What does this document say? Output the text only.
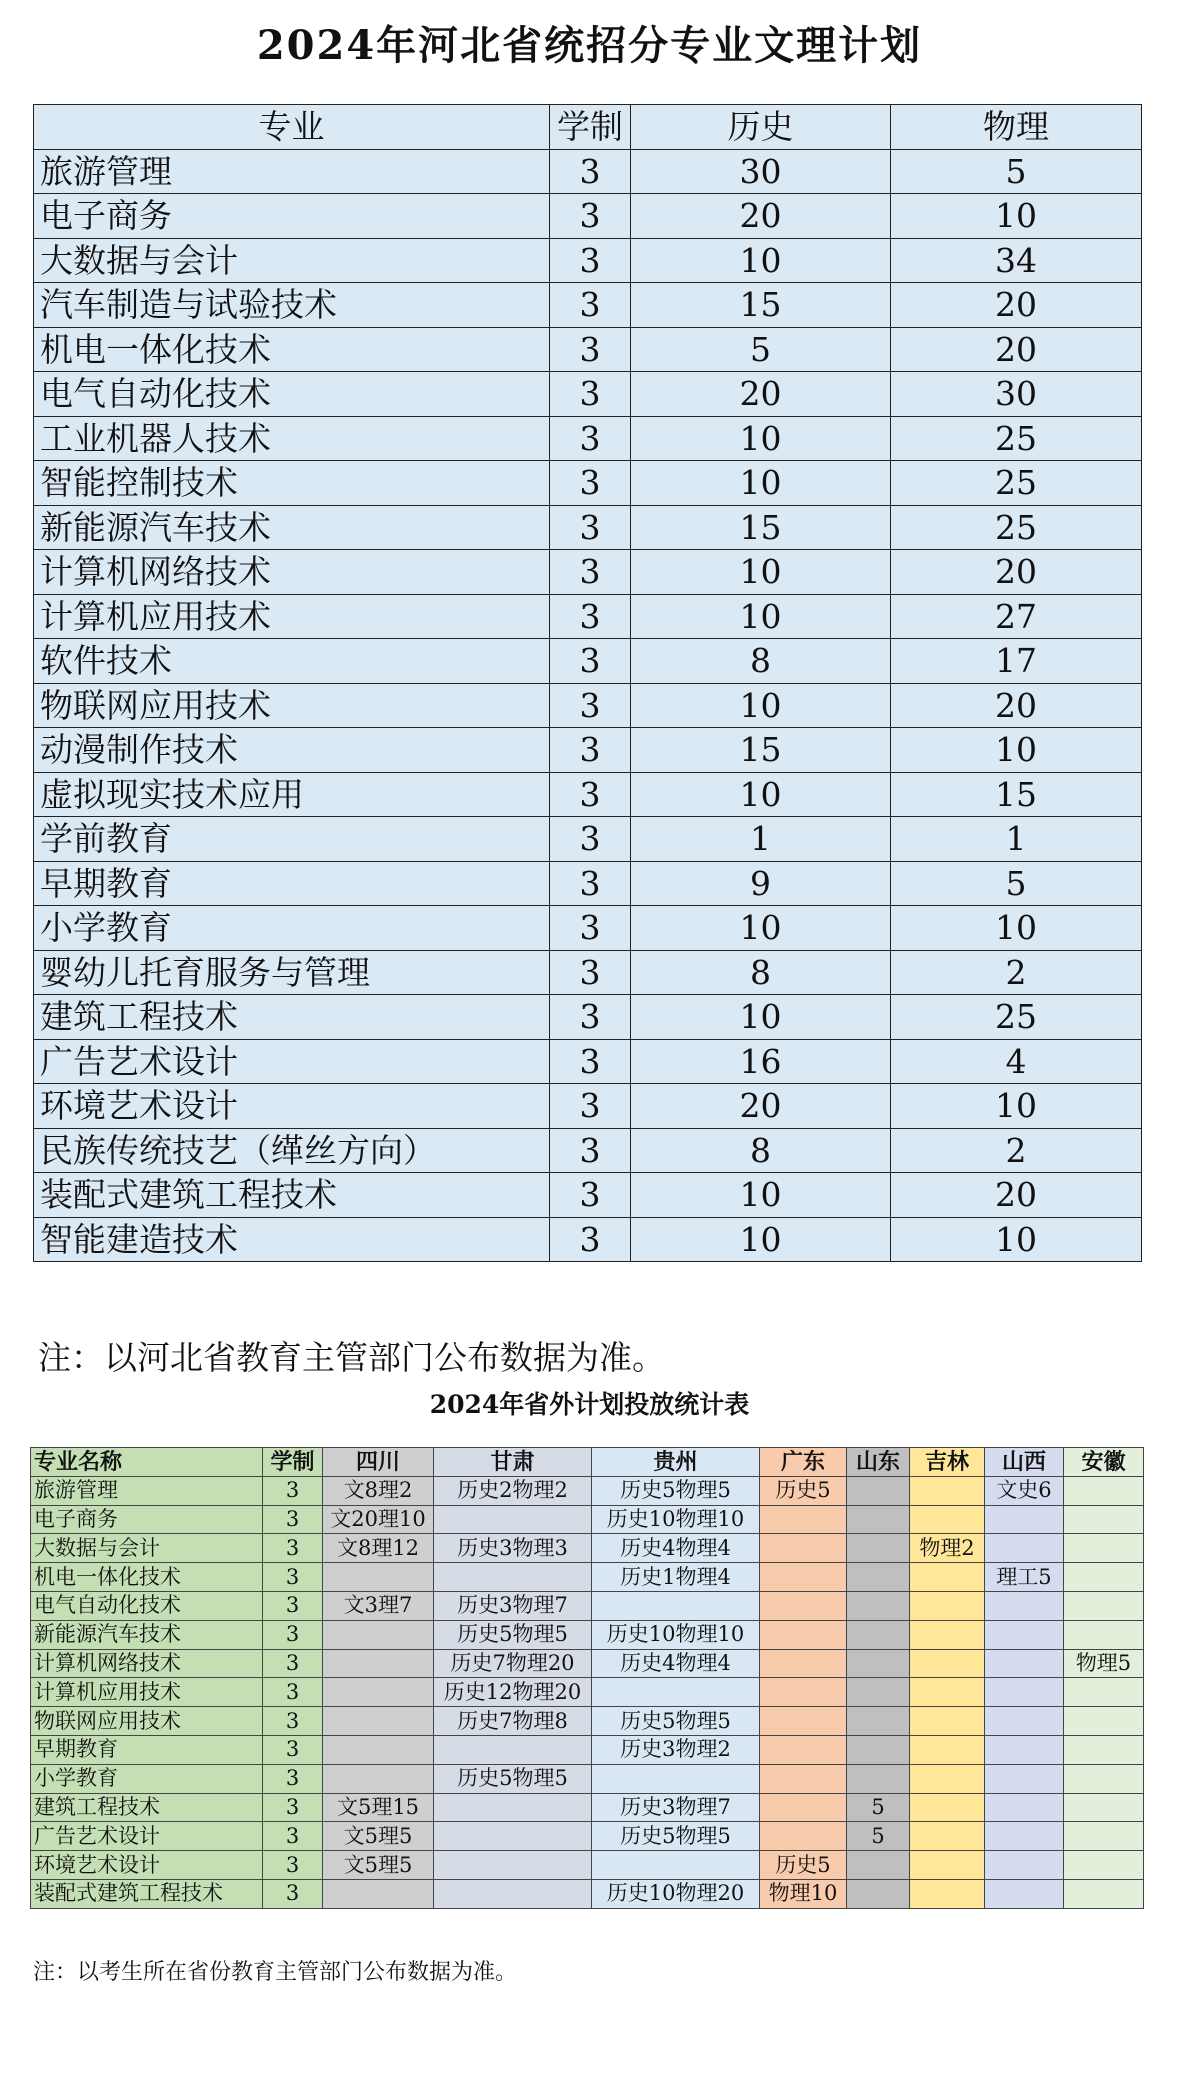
2024年河北省统招分专业文理计划
专业	学制	历史	物理
旅游管理	3	30	5
电子商务	3	20	10
大数据与会计	3	10	34
汽车制造与试验技术	3	15	20
机电一体化技术	3	5	20
电气自动化技术	3	20	30
工业机器人技术	3	10	25
智能控制技术	3	10	25
新能源汽车技术	3	15	25
计算机网络技术	3	10	20
计算机应用技术	3	10	27
软件技术	3	8	17
物联网应用技术	3	10	20
动漫制作技术	3	15	10
虚拟现实技术应用	3	10	15
学前教育	3	1	1
早期教育	3	9	5
小学教育	3	10	10
婴幼儿托育服务与管理	3	8	2
建筑工程技术	3	10	25
广告艺术设计	3	16	4
环境艺术设计	3	20	10
民族传统技艺（缂丝方向）	3	8	2
装配式建筑工程技术	3	10	20
智能建造技术	3	10	10

注：以河北省教育主管部门公布数据为准。

2024年省外计划投放统计表
专业名称	学制	四川	甘肃	贵州	广东	山东	吉林	山西	安徽
旅游管理	3	文8理2	历史2物理2	历史5物理5	历史5			文史6	
电子商务	3	文20理10		历史10物理10					
大数据与会计	3	文8理12	历史3物理3	历史4物理4			物理2		
机电一体化技术	3			历史1物理4				理工5	
电气自动化技术	3	文3理7	历史3物理7						
新能源汽车技术	3		历史5物理5	历史10物理10					
计算机网络技术	3		历史7物理20	历史4物理4					物理5
计算机应用技术	3		历史12物理20						
物联网应用技术	3		历史7物理8	历史5物理5					
早期教育	3			历史3物理2					
小学教育	3		历史5物理5						
建筑工程技术	3	文5理15		历史3物理7		5			
广告艺术设计	3	文5理5		历史5物理5		5			
环境艺术设计	3	文5理5			历史5				
装配式建筑工程技术	3			历史10物理20	物理10				

注：以考生所在省份教育主管部门公布数据为准。
